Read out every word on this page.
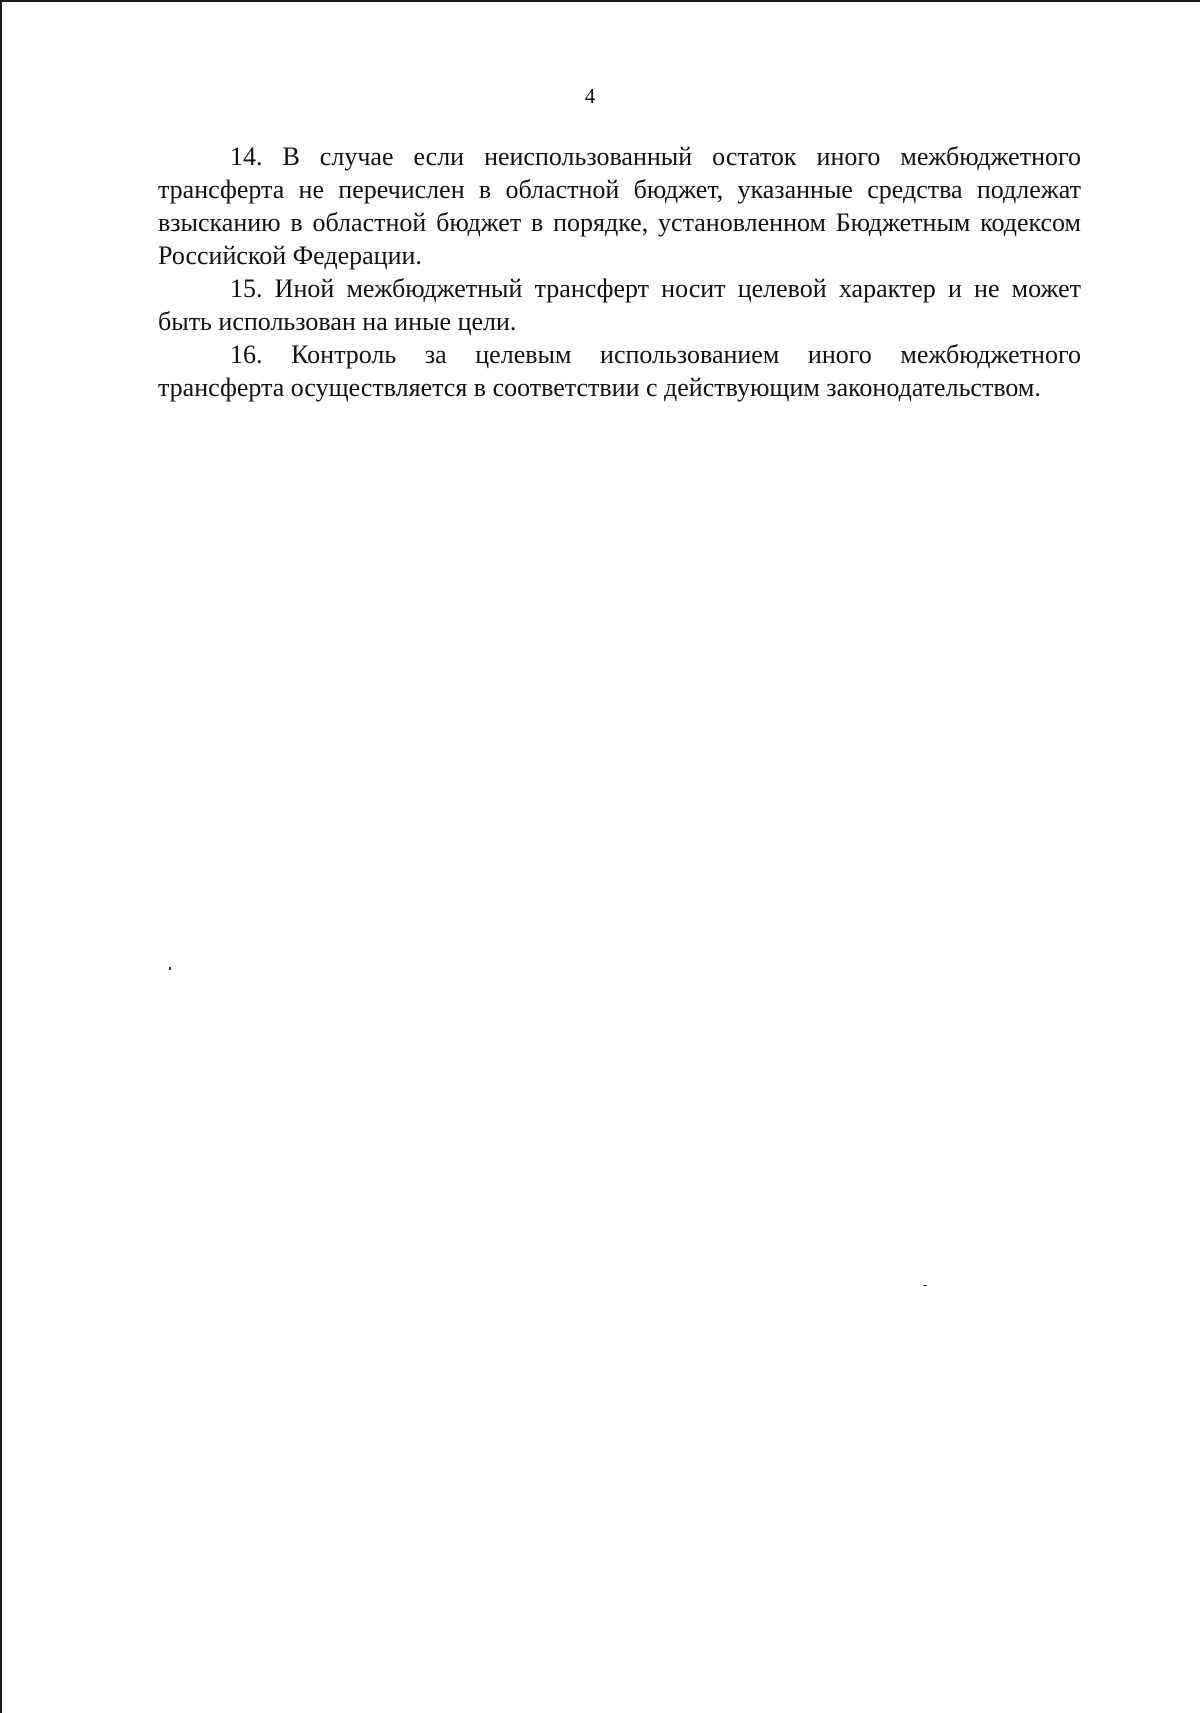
4

14. В случае если неиспользованный остаток иного межбюджетного трансферта не перечислен в областной бюджет, указанные средства подлежат взысканию в областной бюджет в порядке, установленном Бюджетным кодексом Российской Федерации.

15. Иной межбюджетный трансферт носит целевой характер и не может быть использован на иные цели.

16. Контроль за целевым использованием иного межбюджетного трансферта осуществляется в соответствии с действующим законодательством.
